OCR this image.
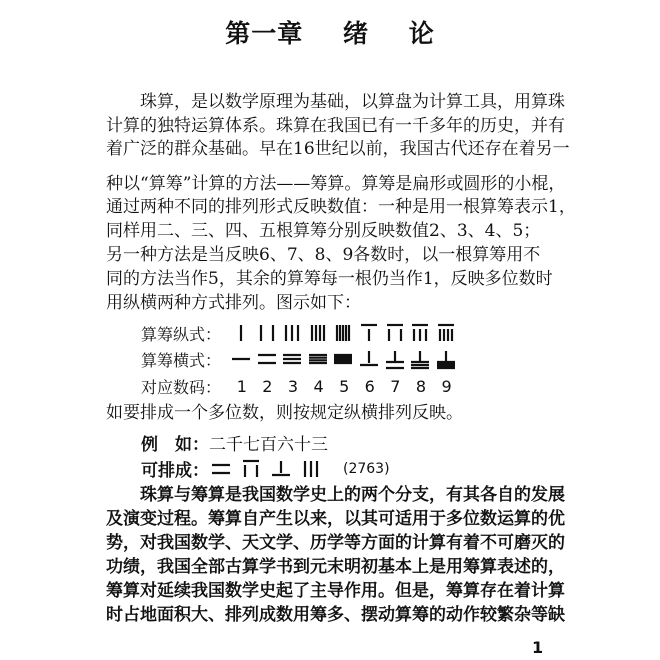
第一章 绪 论
珠算，是以数学原理为基础，以算盘为计算工具，用算珠
计算的独特运算体系。珠算在我国已有一千多年的历史，并有
着广泛的群众基础。早在16世纪以前，我国古代还存在着另一
种以“算筹”计算的方法——筹算。算筹是扁形或圆形的小棍，
通过两种不同的排列形式反映数值：一种是用一根算筹表示1，
同样用二、三、四、五根算筹分别反映数值2、3、4、5；
另一种方法是当反映6、7、8、9各数时，以一根算筹用不
同的方法当作5，其余的算筹每一根仍当作1，反映多位数时
用纵横两种方式排列。图示如下：
算筹纵式：
算筹横式：
对应数码： 1 2 3 4 5 6 7 8 9
如要排成一个多位数，则按规定纵横排列反映。
例　如：二千七百六十三
可排成：	(2763)
珠算与筹算是我国数学史上的两个分支，有其各自的发展
及演变过程。筹算自产生以来，以其可适用于多位数运算的优
势，对我国数学、天文学、历学等方面的计算有着不可磨灭的
功绩，我国全部古算学书到元末明初基本上是用筹算表述的，
筹算对延续我国数学史起了主导作用。但是，筹算存在着计算
时占地面积大、排列成数用筹多、摆动算筹的动作较繁杂等缺
1
